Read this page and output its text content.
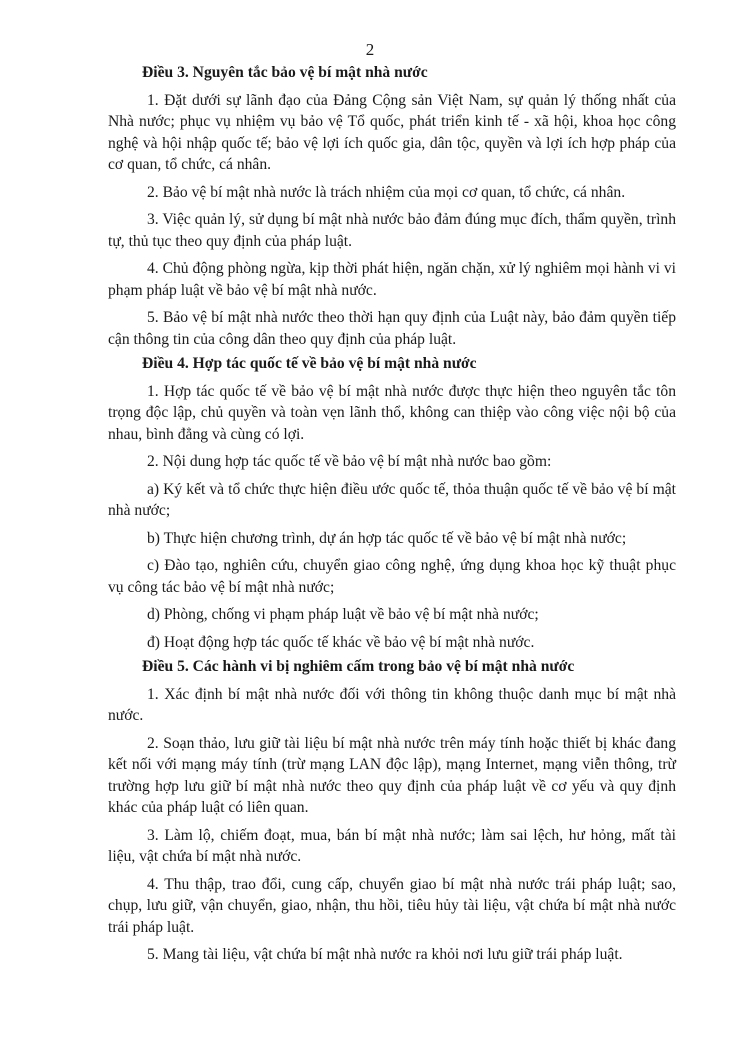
2
Điều 3. Nguyên tắc bảo vệ bí mật nhà nước

1. Đặt dưới sự lãnh đạo của Đảng Cộng sản Việt Nam, sự quản lý thống nhất của Nhà nước; phục vụ nhiệm vụ bảo vệ Tổ quốc, phát triển kinh tế - xã hội, khoa học công nghệ và hội nhập quốc tế; bảo vệ lợi ích quốc gia, dân tộc, quyền và lợi ích hợp pháp của cơ quan, tổ chức, cá nhân.

2. Bảo vệ bí mật nhà nước là trách nhiệm của mọi cơ quan, tổ chức, cá nhân.

3. Việc quản lý, sử dụng bí mật nhà nước bảo đảm đúng mục đích, thẩm quyền, trình tự, thủ tục theo quy định của pháp luật.

4. Chủ động phòng ngừa, kịp thời phát hiện, ngăn chặn, xử lý nghiêm mọi hành vi vi phạm pháp luật về bảo vệ bí mật nhà nước.

5. Bảo vệ bí mật nhà nước theo thời hạn quy định của Luật này, bảo đảm quyền tiếp cận thông tin của công dân theo quy định của pháp luật.

Điều 4. Hợp tác quốc tế về bảo vệ bí mật nhà nước

1. Hợp tác quốc tế về bảo vệ bí mật nhà nước được thực hiện theo nguyên tắc tôn trọng độc lập, chủ quyền và toàn vẹn lãnh thổ, không can thiệp vào công việc nội bộ của nhau, bình đẳng và cùng có lợi.

2. Nội dung hợp tác quốc tế về bảo vệ bí mật nhà nước bao gồm:

a) Ký kết và tổ chức thực hiện điều ước quốc tế, thỏa thuận quốc tế về bảo vệ bí mật nhà nước;

b) Thực hiện chương trình, dự án hợp tác quốc tế về bảo vệ bí mật nhà nước;

c) Đào tạo, nghiên cứu, chuyển giao công nghệ, ứng dụng khoa học kỹ thuật phục vụ công tác bảo vệ bí mật nhà nước;

d) Phòng, chống vi phạm pháp luật về bảo vệ bí mật nhà nước;

đ) Hoạt động hợp tác quốc tế khác về bảo vệ bí mật nhà nước.

Điều 5. Các hành vi bị nghiêm cấm trong bảo vệ bí mật nhà nước

1. Xác định bí mật nhà nước đối với thông tin không thuộc danh mục bí mật nhà nước.

2. Soạn thảo, lưu giữ tài liệu bí mật nhà nước trên máy tính hoặc thiết bị khác đang kết nối với mạng máy tính (trừ mạng LAN độc lập), mạng Internet, mạng viễn thông, trừ trường hợp lưu giữ bí mật nhà nước theo quy định của pháp luật về cơ yếu và quy định khác của pháp luật có liên quan.

3. Làm lộ, chiếm đoạt, mua, bán bí mật nhà nước; làm sai lệch, hư hỏng, mất tài liệu, vật chứa bí mật nhà nước.

4. Thu thập, trao đổi, cung cấp, chuyển giao bí mật nhà nước trái pháp luật; sao, chụp, lưu giữ, vận chuyển, giao, nhận, thu hồi, tiêu hủy tài liệu, vật chứa bí mật nhà nước trái pháp luật.

5. Mang tài liệu, vật chứa bí mật nhà nước ra khỏi nơi lưu giữ trái pháp luật.
